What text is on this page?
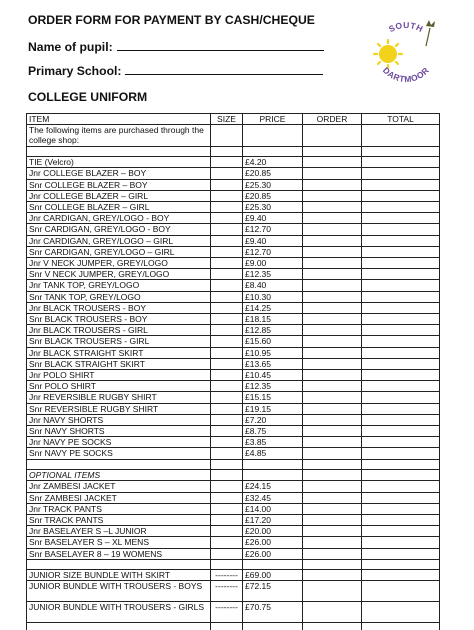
ORDER FORM FOR PAYMENT BY CASH/CHEQUE
Name of pupil:
Primary School:
COLLEGE UNIFORM
SOUTH
DARTMOOR
ITEM	SIZE	PRICE	ORDER	TOTAL
The following items are purchased through the college shop:				

TIE (Velcro)		£4.20		
Jnr COLLEGE BLAZER – BOY		£20.85		
Snr COLLEGE BLAZER – BOY		£25.30		
Jnr COLLEGE BLAZER – GIRL		£20.85		
Snr COLLEGE BLAZER – GIRL		£25.30		
Jnr CARDIGAN, GREY/LOGO - BOY		£9.40		
Snr CARDIGAN, GREY/LOGO - BOY		£12.70		
Jnr CARDIGAN, GREY/LOGO – GIRL		£9.40		
Snr CARDIGAN, GREY/LOGO – GIRL		£12.70		
Jnr V NECK JUMPER, GREY/LOGO		£9.00		
Snr V NECK JUMPER, GREY/LOGO		£12.35		
Jnr TANK TOP, GREY/LOGO		£8.40		
Snr TANK TOP, GREY/LOGO		£10.30		
Jnr BLACK TROUSERS - BOY		£14.25		
Snr BLACK TROUSERS - BOY		£18.15		
Jnr BLACK TROUSERS - GIRL		£12.85		
Snr BLACK TROUSERS - GIRL		£15.60		
Jnr BLACK STRAIGHT SKIRT		£10.95		
Snr BLACK STRAIGHT SKIRT		£13.65		
Jnr POLO SHIRT		£10.45		
Snr POLO SHIRT		£12.35		
Jnr REVERSIBLE RUGBY SHIRT		£15.15		
Snr REVERSIBLE RUGBY SHIRT		£19.15		
Jnr NAVY SHORTS		£7.20		
Snr NAVY SHORTS		£8.75		
Jnr NAVY PE SOCKS		£3.85		
Snr NAVY PE SOCKS		£4.85		

OPTIONAL ITEMS				
Jnr ZAMBESI JACKET		£24.15		
Snr ZAMBESI JACKET		£32.45		
Jnr TRACK PANTS		£14.00		
Snr TRACK PANTS		£17.20		
Jnr BASELAYER S –L JUNIOR		£20.00		
Snr BASELAYER S – XL MENS		£26.00		
Snr BASELAYER 8 – 19 WOMENS		£26.00		

JUNIOR SIZE BUNDLE WITH SKIRT	--------	£69.00		
JUNIOR BUNDLE WITH TROUSERS - BOYS	--------	£72.15		
JUNIOR BUNDLE WITH TROUSERS - GIRLS	--------	£70.75		
